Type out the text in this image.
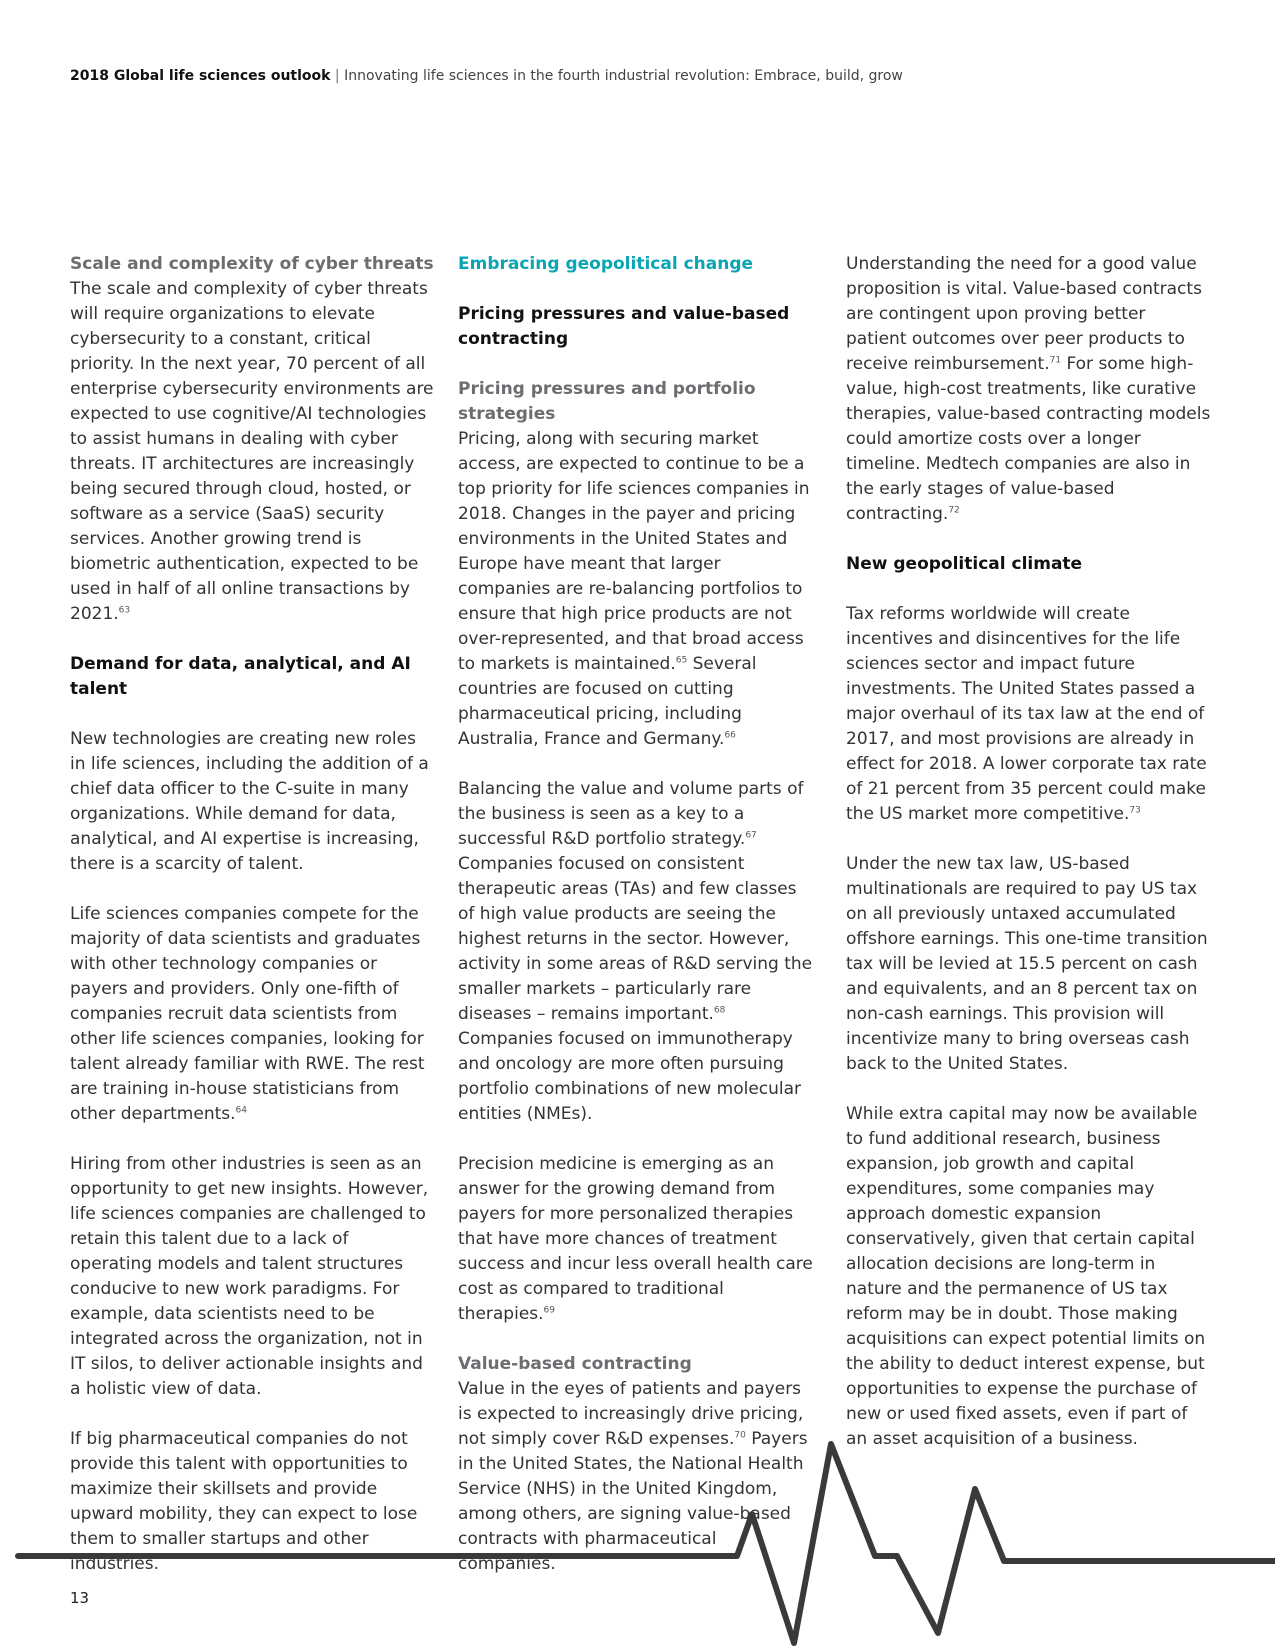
2018 Global life sciences outlook | Innovating life sciences in the fourth industrial revolution: Embrace, build, grow
Scale and complexity of cyber threats

The scale and complexity of cyber threats will require organizations to elevate cybersecurity to a constant, critical priority. In the next year, 70 percent of all enterprise cybersecurity environments are expected to use cognitive/AI technologies to assist humans in dealing with cyber threats. IT architectures are increasingly being secured through cloud, hosted, or software as a service (SaaS) security services. Another growing trend is biometric authentication, expected to be used in half of all online transactions by 2021.63

Demand for data, analytical, and AI talent

New technologies are creating new roles in life sciences, including the addition of a chief data officer to the C-suite in many organizations. While demand for data, analytical, and AI expertise is increasing, there is a scarcity of talent.

Life sciences companies compete for the majority of data scientists and graduates with other technology companies or payers and providers. Only one-fifth of companies recruit data scientists from other life sciences companies, looking for talent already familiar with RWE. The rest are training in-house statisticians from other departments.$^{64}$

Hiring from other industries is seen as an opportunity to get new insights. However, life sciences companies are challenged to retain this talent due to a lack of operating models and talent structures conducive to new work paradigms. For example, data scientists need to be integrated across the organization, not in IT silos, to deliver actionable insights and a holistic view of data.

If big pharmaceutical companies do not provide this talent with opportunities to maximize their skillsets and provide upward mobility, they can expect to lose them to smaller startups and other industries.

Embracing geopolitical change
Pricing pressures and value-based contracting
Pricing pressures and portfolio strategies

Pricing, along with securing market access, are expected to continue to be a top priority for life sciences companies in 2018. Changes in the payer and pricing environments in the United States and Europe have meant that larger companies are re-balancing portfolios to ensure that high price products are not over-represented, and that broad access to markets is maintained.$^{65}$ Several countries are focused on cutting pharmaceutical pricing, including Australia, France and Germany.$^{66}$

Balancing the value and volume parts of the business is seen as a key to a successful R&D portfolio strategy.$^{67}$ Companies focused on consistent therapeutic areas (TAs) and few classes of high value products are seeing the highest returns in the sector. However, activity in some areas of R&D serving the smaller markets – particularly rare diseases – remains important.$^{68}$ Companies focused on immunotherapy and oncology are more often pursuing portfolio combinations of new molecular entities (NMEs).

Precision medicine is emerging as an answer for the growing demand from payers for more personalized therapies that have more chances of treatment success and incur less overall health care cost as compared to traditional therapies.$^{69}$

Value-based contracting

Value in the eyes of patients and payers is expected to increasingly drive pricing, not simply cover R&D expenses.$^{70}$ Payers in the United States, the National Health Service (NHS) in the United Kingdom, among others, are signing value-based contracts with pharmaceutical companies.

Understanding the need for a good value proposition is vital. Value-based contracts are contingent upon proving better patient outcomes over peer products to receive reimbursement.$^{71}$ For some high-value, high-cost treatments, like curative therapies, value-based contracting models could amortize costs over a longer timeline. Medtech companies are also in the early stages of value-based contracting.$^{72}$

New geopolitical climate

Tax reforms worldwide will create incentives and disincentives for the life sciences sector and impact future investments. The United States passed a major overhaul of its tax law at the end of 2017, and most provisions are already in effect for 2018. A lower corporate tax rate of 21 percent from 35 percent could make the US market more competitive.$^{73}$

Under the new tax law, US-based multinationals are required to pay US tax on all previously untaxed accumulated offshore earnings. This one-time transition tax will be levied at 15.5 percent on cash and equivalents, and an 8 percent tax on non-cash earnings. This provision will incentivize many to bring overseas cash back to the United States.

While extra capital may now be available to fund additional research, business expansion, job growth and capital expenditures, some companies may approach domestic expansion conservatively, given that certain capital allocation decisions are long-term in nature and the permanence of US tax reform may be in doubt. Those making acquisitions can expect potential limits on the ability to deduct interest expense, but opportunities to expense the purchase of new or used fixed assets, even if part of an asset acquisition of a business.

13
